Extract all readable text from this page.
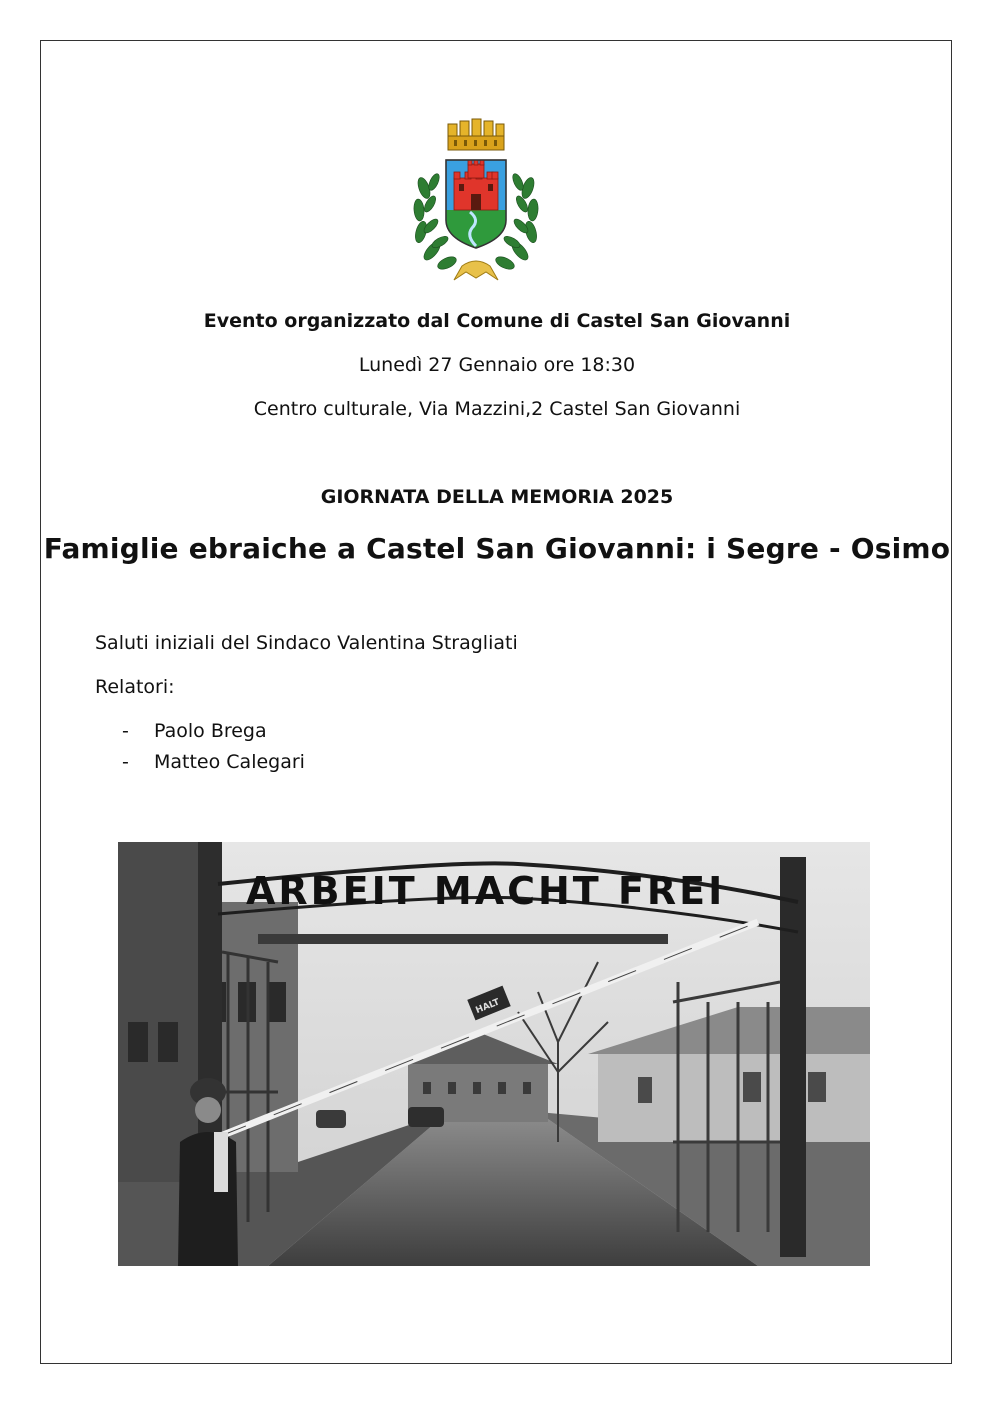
Evento organizzato dal Comune di Castel San Giovanni
Lunedì 27 Gennaio ore 18:30
Centro culturale, Via Mazzini,2 Castel San Giovanni
GIORNATA DELLA MEMORIA 2025
Famiglie ebraiche a Castel San Giovanni: i Segre - Osimo
Saluti iniziali del Sindaco Valentina Stragliati
Relatori:
- Paolo Brega
- Matteo Calegari
ARBEIT MACHT FREI
HALT
